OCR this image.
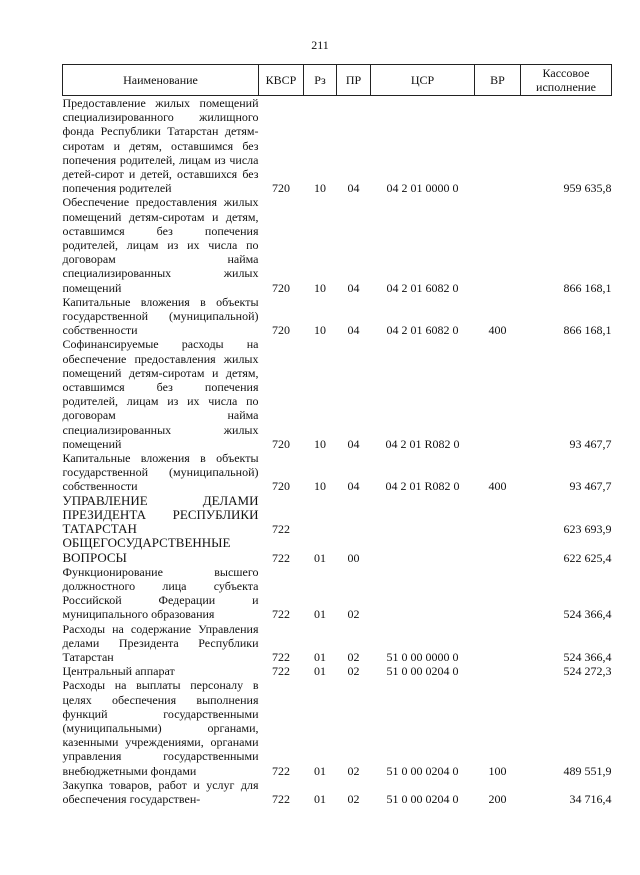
211
Наименование	КВСР	Рз	ПР	ЦСР	ВР	Кассовое исполнение
Предоставление жилых помещений специализированного жилищного фонда Республики Татарстан детям-сиротам и детям, оставшимся без попечения родителей, лицам из числа детей-сирот и детей, оставшихся без попечения родителей	720	10	04	04 2 01 0000 0		959 635,8
Обеспечение предоставления жилых помещений детям-сиротам и детям, оставшимся без попечения родителей, лицам из их числа по договорам найма специализированных жилых помещений	720	10	04	04 2 01 6082 0		866 168,1
Капитальные вложения в объекты государственной (муниципальной) собственности	720	10	04	04 2 01 6082 0	400	866 168,1
Софинансируемые расходы на обеспечение предоставления жилых помещений детям-сиротам и детям, оставшимся без попечения родителей, лицам из их числа по договорам найма специализированных жилых помещений	720	10	04	04 2 01 R082 0		93 467,7
Капитальные вложения в объекты государственной (муниципальной) собственности	720	10	04	04 2 01 R082 0	400	93 467,7
УПРАВЛЕНИЕ ДЕЛАМИ ПРЕЗИДЕНТА РЕСПУБЛИКИ ТАТАРСТАН	722					623 693,9
ОБЩЕГОСУДАРСТВЕННЫЕ ВОПРОСЫ	722	01	00			622 625,4
Функционирование высшего должностного лица субъекта Российской Федерации и муниципального образования	722	01	02			524 366,4
Расходы на содержание Управления делами Президента Республики Татарстан	722	01	02	51 0 00 0000 0		524 366,4
Центральный аппарат	722	01	02	51 0 00 0204 0		524 272,3
Расходы на выплаты персоналу в целях обеспечения выполнения функций государственными (муниципальными) органами, казенными учреждениями, органами управления государственными внебюджетными фондами	722	01	02	51 0 00 0204 0	100	489 551,9
Закупка товаров, работ и услуг для обеспечения государствен-	722	01	02	51 0 00 0204 0	200	34 716,4
